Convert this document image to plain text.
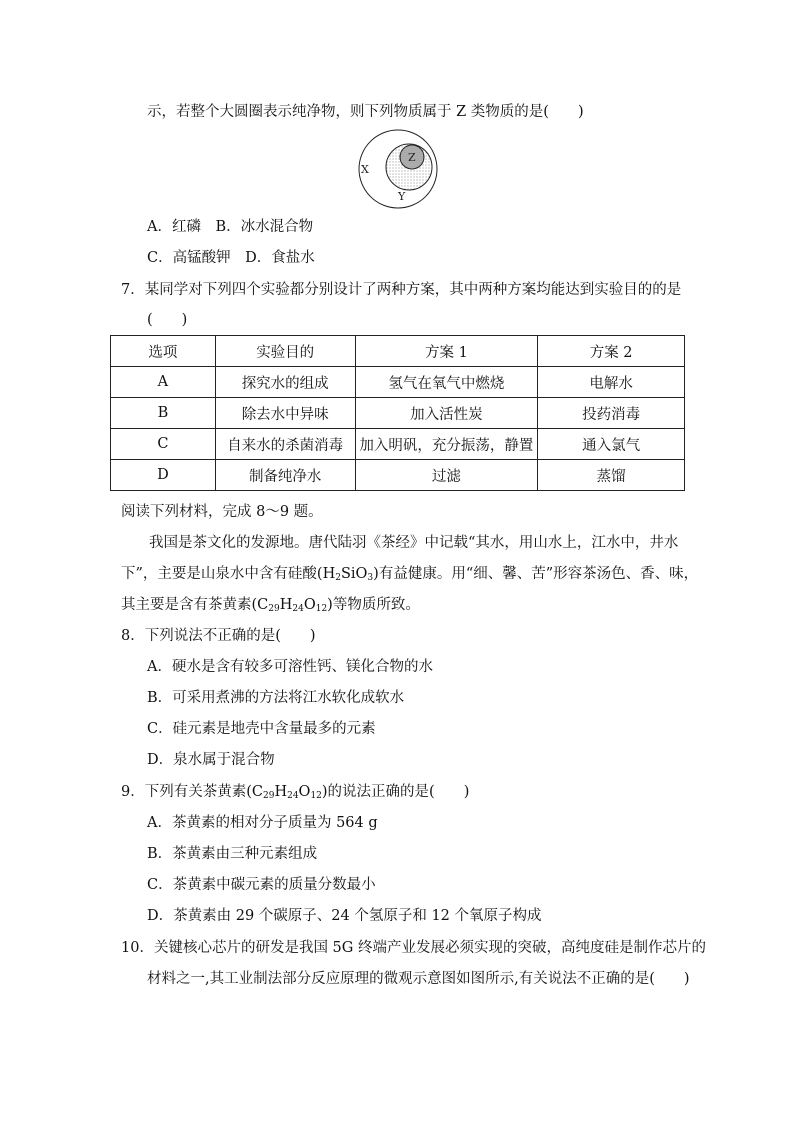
示，若整个大圆圈表示纯净物，则下列物质属于 Z 类物质的是(　　)
X
Y
Z
A．红磷　 B．冰水混合物
C．高锰酸钾　 D．食盐水
7．某同学对下列四个实验都分别设计了两种方案，其中两种方案均能达到实验目的的是
(　　)
选项	实验目的	方案 1	方案 2
A	探究水的组成	氢气在氧气中燃烧	电解水
B	除去水中异味	加入活性炭	投药消毒
C	自来水的杀菌消毒	加入明矾，充分振荡，静置	通入氯气
D	制备纯净水	过滤	蒸馏
阅读下列材料，完成 8～9 题。
我国是茶文化的发源地。唐代陆羽《茶经》中记载“其水，用山水上，江水中，井水
下”，主要是山泉水中含有硅酸$(H_2SiO_3)$有益健康。用“细、馨、苦”形容茶汤色、香、味，
其主要是含有茶黄素$(C_{29}H_{24}O_{12})$等物质所致。
8．下列说法不正确的是(　　)
A．硬水是含有较多可溶性钙、镁化合物的水
B．可采用煮沸的方法将江水软化成软水
C．硅元素是地壳中含量最多的元素
D．泉水属于混合物
9．下列有关茶黄素$(C_{29}H_{24}O_{12})$的说法正确的是(　　)
A．茶黄素的相对分子质量为 564 g
B．茶黄素由三种元素组成
C．茶黄素中碳元素的质量分数最小
D．茶黄素由 29 个碳原子、24 个氢原子和 12 个氧原子构成
10．关键核心芯片的研发是我国 5G 终端产业发展必须实现的突破，高纯度硅是制作芯片的
材料之一,其工业制法部分反应原理的微观示意图如图所示,有关说法不正确的是(　　)
